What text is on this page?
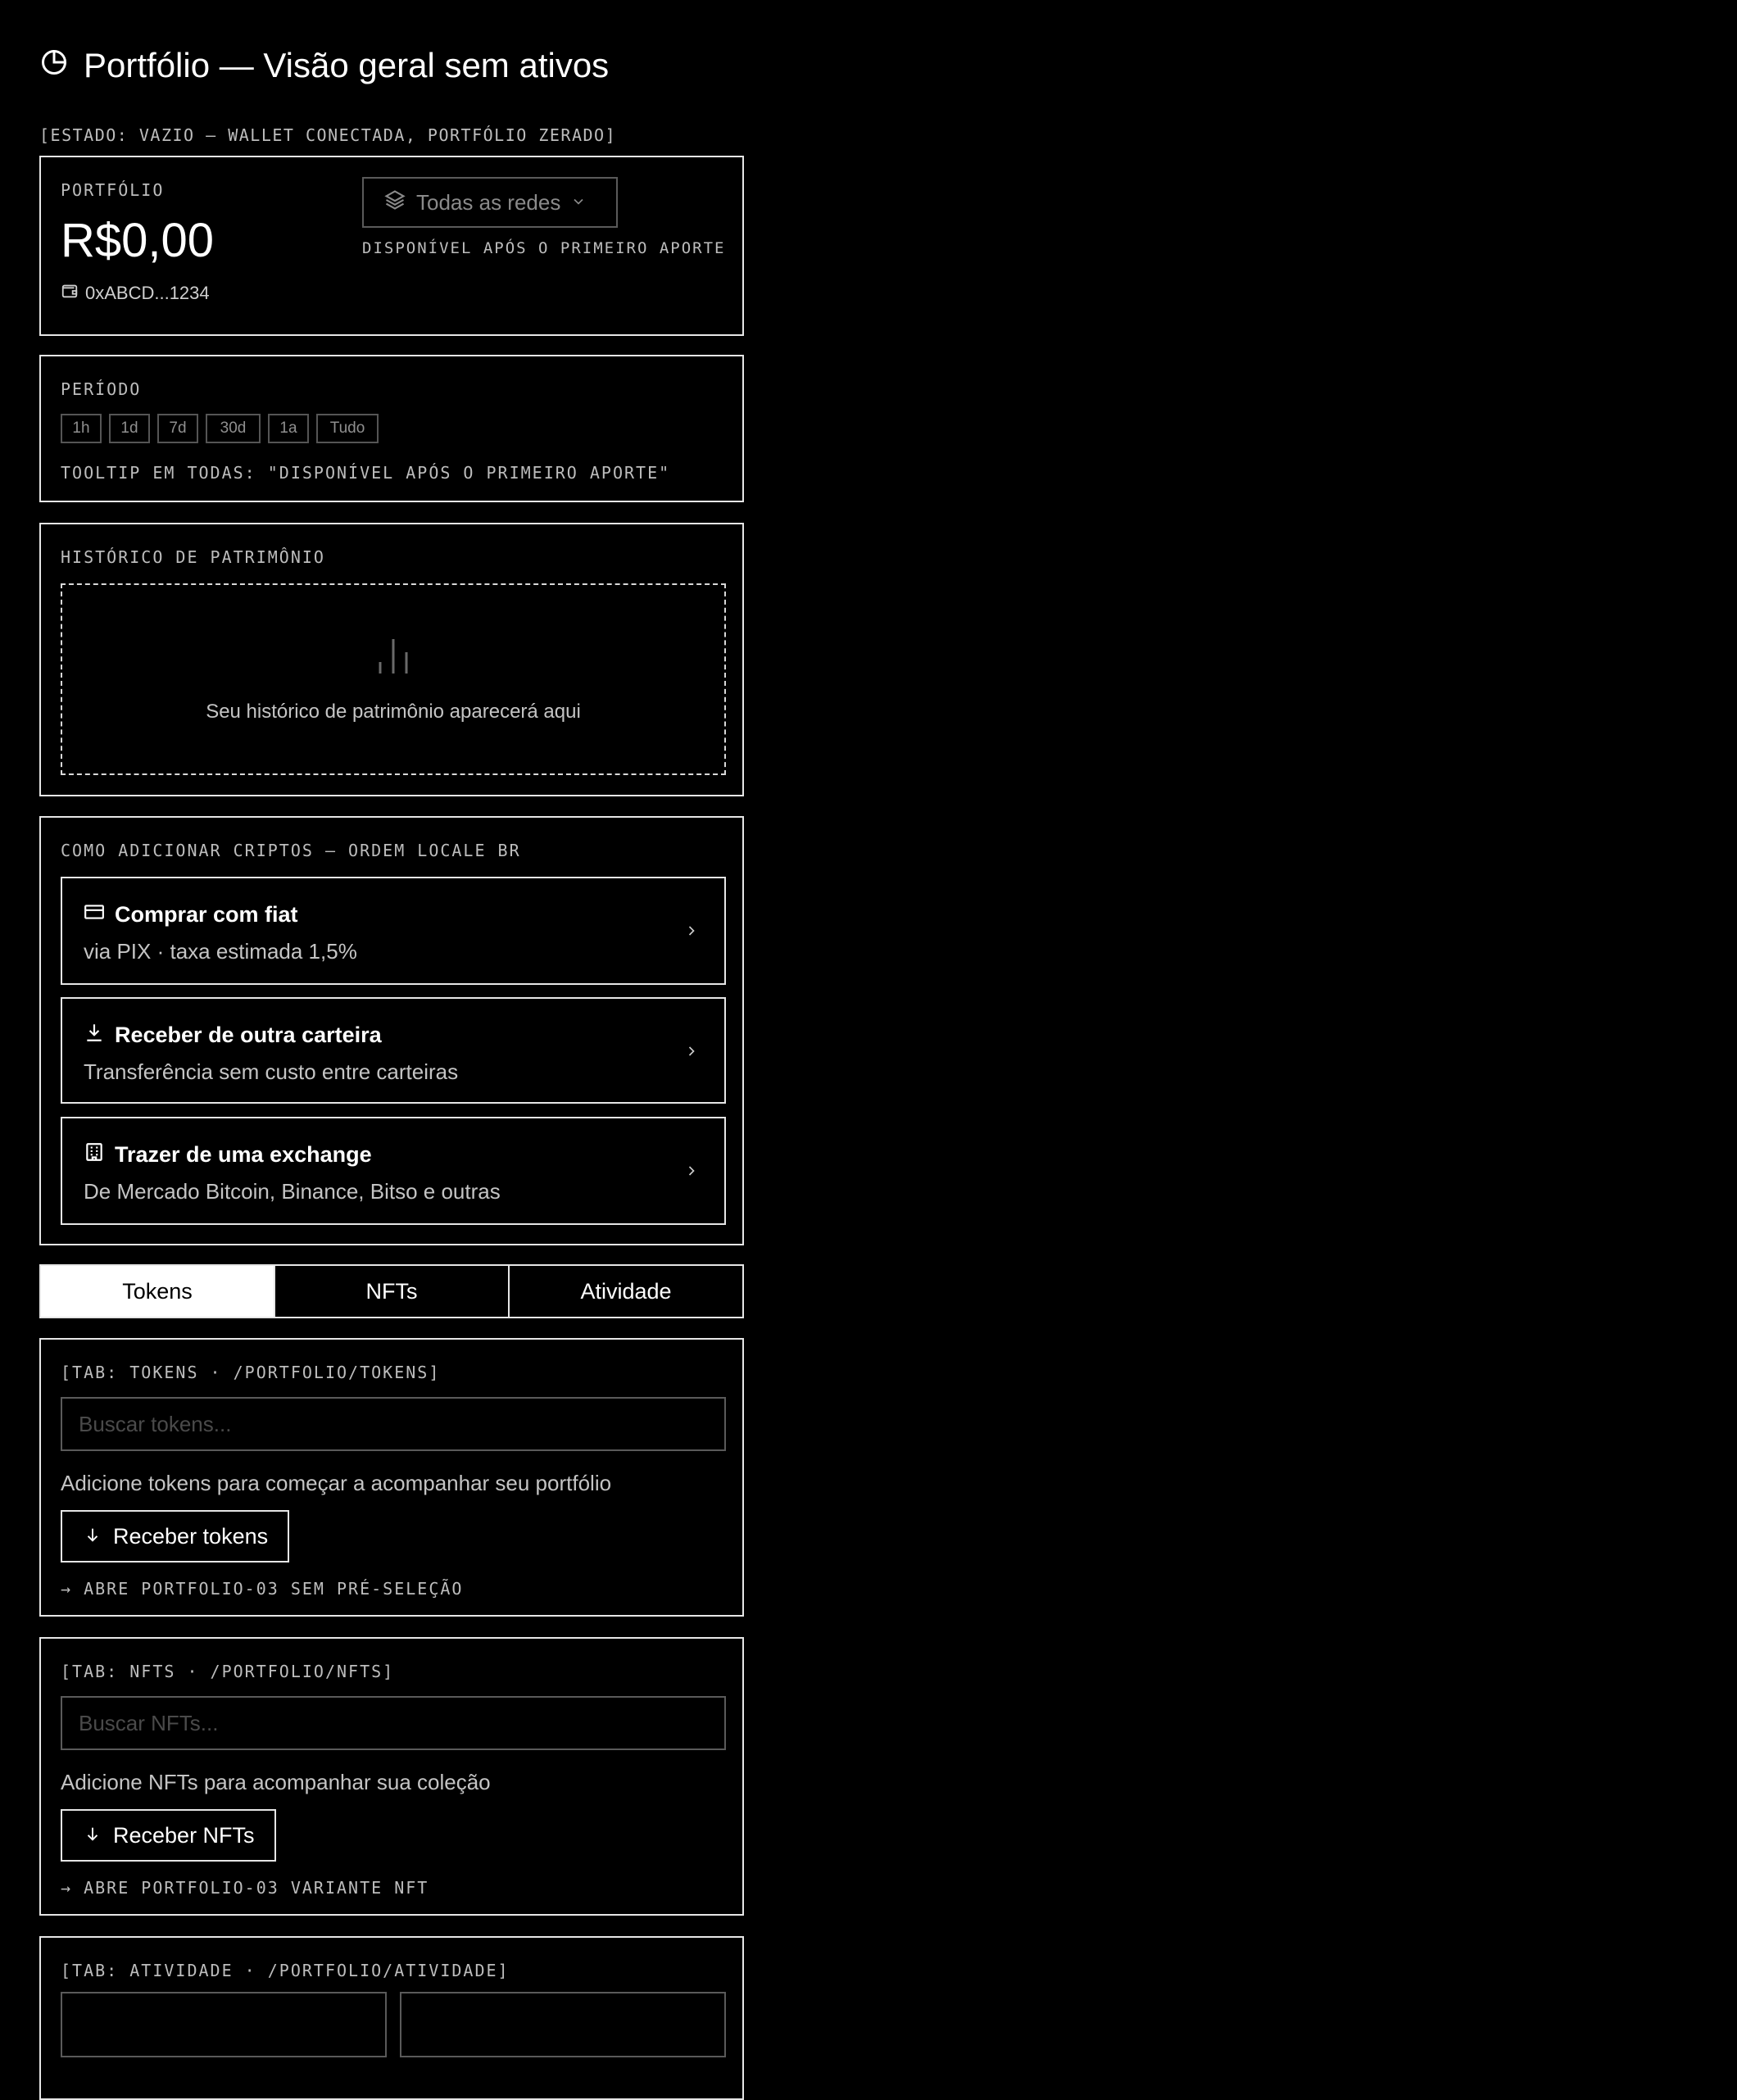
Portfólio — Visão geral sem ativos
[ESTADO: VAZIO — WALLET CONECTADA, PORTFÓLIO ZERADO]
PORTFÓLIO
R$0,00
0xABCD...1234
Todas as redes
DISPONÍVEL APÓS O PRIMEIRO APORTE
PERÍODO
1h	1d	7d	30d	1a	Tudo
TOOLTIP EM TODAS: "DISPONÍVEL APÓS O PRIMEIRO APORTE"
HISTÓRICO DE PATRIMÔNIO
Seu histórico de patrimônio aparecerá aqui
COMO ADICIONAR CRIPTOS — ORDEM LOCALE BR
Comprar com fiat
via PIX · taxa estimada 1,5%
Receber de outra carteira
Transferência sem custo entre carteiras
Trazer de uma exchange
De Mercado Bitcoin, Binance, Bitso e outras
Tokens	NFTs	Atividade
[TAB: TOKENS · /PORTFOLIO/TOKENS]
Buscar tokens...
Adicione tokens para começar a acompanhar seu portfólio
Receber tokens
→ ABRE PORTFOLIO-03 SEM PRÉ-SELEÇÃO
[TAB: NFTS · /PORTFOLIO/NFTS]
Buscar NFTs...
Adicione NFTs para acompanhar sua coleção
Receber NFTs
→ ABRE PORTFOLIO-03 VARIANTE NFT
[TAB: ATIVIDADE · /PORTFOLIO/ATIVIDADE]
